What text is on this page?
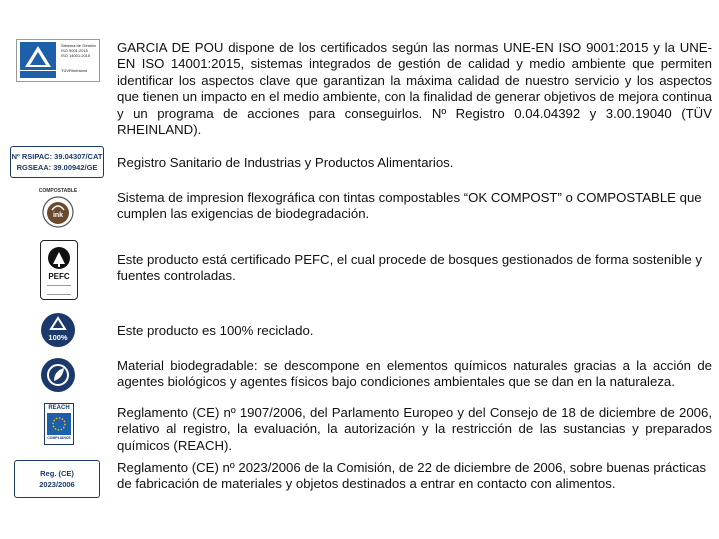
Sistema de Gestión
ISO 9001:2015
ISO 14001:2015
TÜVRheinland

GARCIA DE POU dispone de los certificados según las normas UNE-EN ISO 9001:2015 y la UNE-EN ISO 14001:2015, sistemas integrados de gestión de calidad y medio ambiente que permiten identificar los aspectos clave que garantizan la máxima calidad de nuestro servicio y los aspectos que tienen un impacto en el medio ambiente, con la finalidad de generar objetivos de mejora continua y un programa de acciones para conseguirlos. Nº Registro 0.04.04392 y 3.00.19040 (TÜV RHEINLAND).

Nº RSIPAC: 39.04307/CAT
RGSEAA: 39.00942/GE	Registro Sanitario de Industrias y Productos Alimentarios.

COMPOSTABLE
ink

Sistema de impresion flexográfica con tintas compostables “OK COMPOST” o COMPOSTABLE que cumplen las exigencias de biodegradación.

PEFC

Este producto está certificado PEFC, el cual procede de bosques gestionados de forma sostenible y fuentes controladas.

100%	Este producto es 100% reciclado.

Material biodegradable: se descompone en elementos químicos naturales gracias a la acción de agentes biológicos y agentes físicos bajo condiciones ambientales que se dan en la naturaleza.

REACH
COMPLIANCE

Reglamento (CE) nº 1907/2006, del Parlamento Europeo y del Consejo de 18 de diciembre de 2006, relativo al registro, la evaluación, la autorización y la restricción de las sustancias y preparados químicos (REACH).

Reg. (CE)
2023/2006

Reglamento (CE) nº 2023/2006 de la Comisión, de 22 de diciembre de 2006, sobre buenas prácticas de fabricación de materiales y objetos destinados a entrar en contacto con alimentos.
